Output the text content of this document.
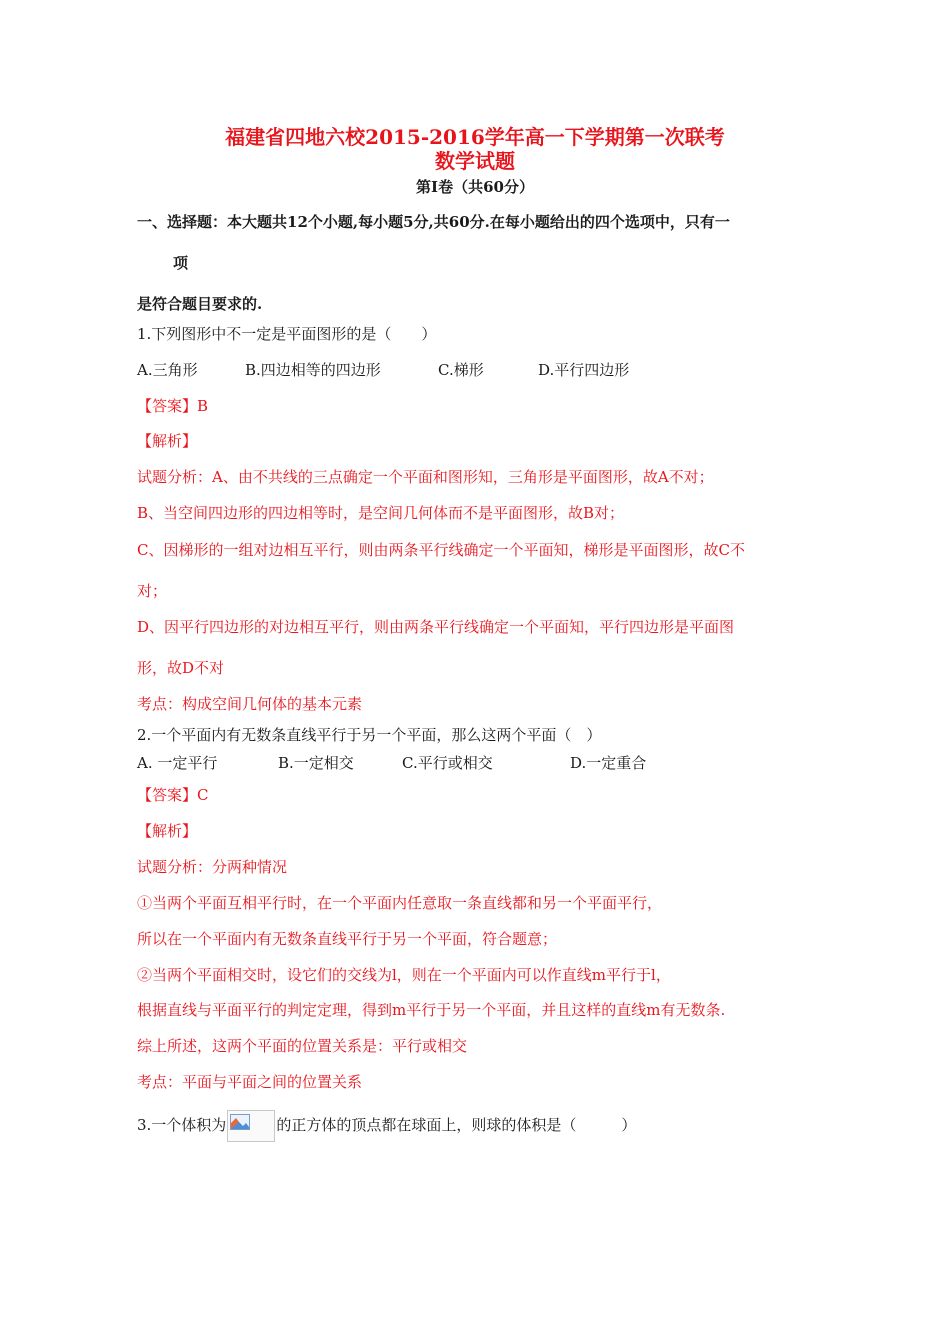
福建省四地六校2015-2016学年高一下学期第一次联考
数学试题
第Ⅰ卷（共60分）
一、选择题：本大题共12个小题,每小题5分,共60分.在每小题给出的四个选项中，只有一
项
是符合题目要求的.
1.下列图形中不一定是平面图形的是（　　）
A.三角形	B.四边相等的四边形	C.梯形	D.平行四边形
【答案】B
【解析】
试题分析：A、由不共线的三点确定一个平面和图形知，三角形是平面图形，故A不对；
B、当空间四边形的四边相等时，是空间几何体而不是平面图形，故B对；
C、因梯形的一组对边相互平行，则由两条平行线确定一个平面知，梯形是平面图形，故C不
对；
D、因平行四边形的对边相互平行，则由两条平行线确定一个平面知，平行四边形是平面图
形，故D不对
考点：构成空间几何体的基本元素
2.一个平面内有无数条直线平行于另一个平面，那么这两个平面（　）
A. 一定平行	B.一定相交	C.平行或相交	D.一定重合
【答案】C
【解析】
试题分析：分两种情况
①当两个平面互相平行时，在一个平面内任意取一条直线都和另一个平面平行，
所以在一个平面内有无数条直线平行于另一个平面，符合题意；
②当两个平面相交时，设它们的交线为l，则在一个平面内可以作直线m平行于l，
根据直线与平面平行的判定定理，得到m平行于另一个平面，并且这样的直线m有无数条.
综上所述，这两个平面的位置关系是：平行或相交
考点：平面与平面之间的位置关系
3.一个体积为	的正方体的顶点都在球面上，则球的体积是（　　　）
